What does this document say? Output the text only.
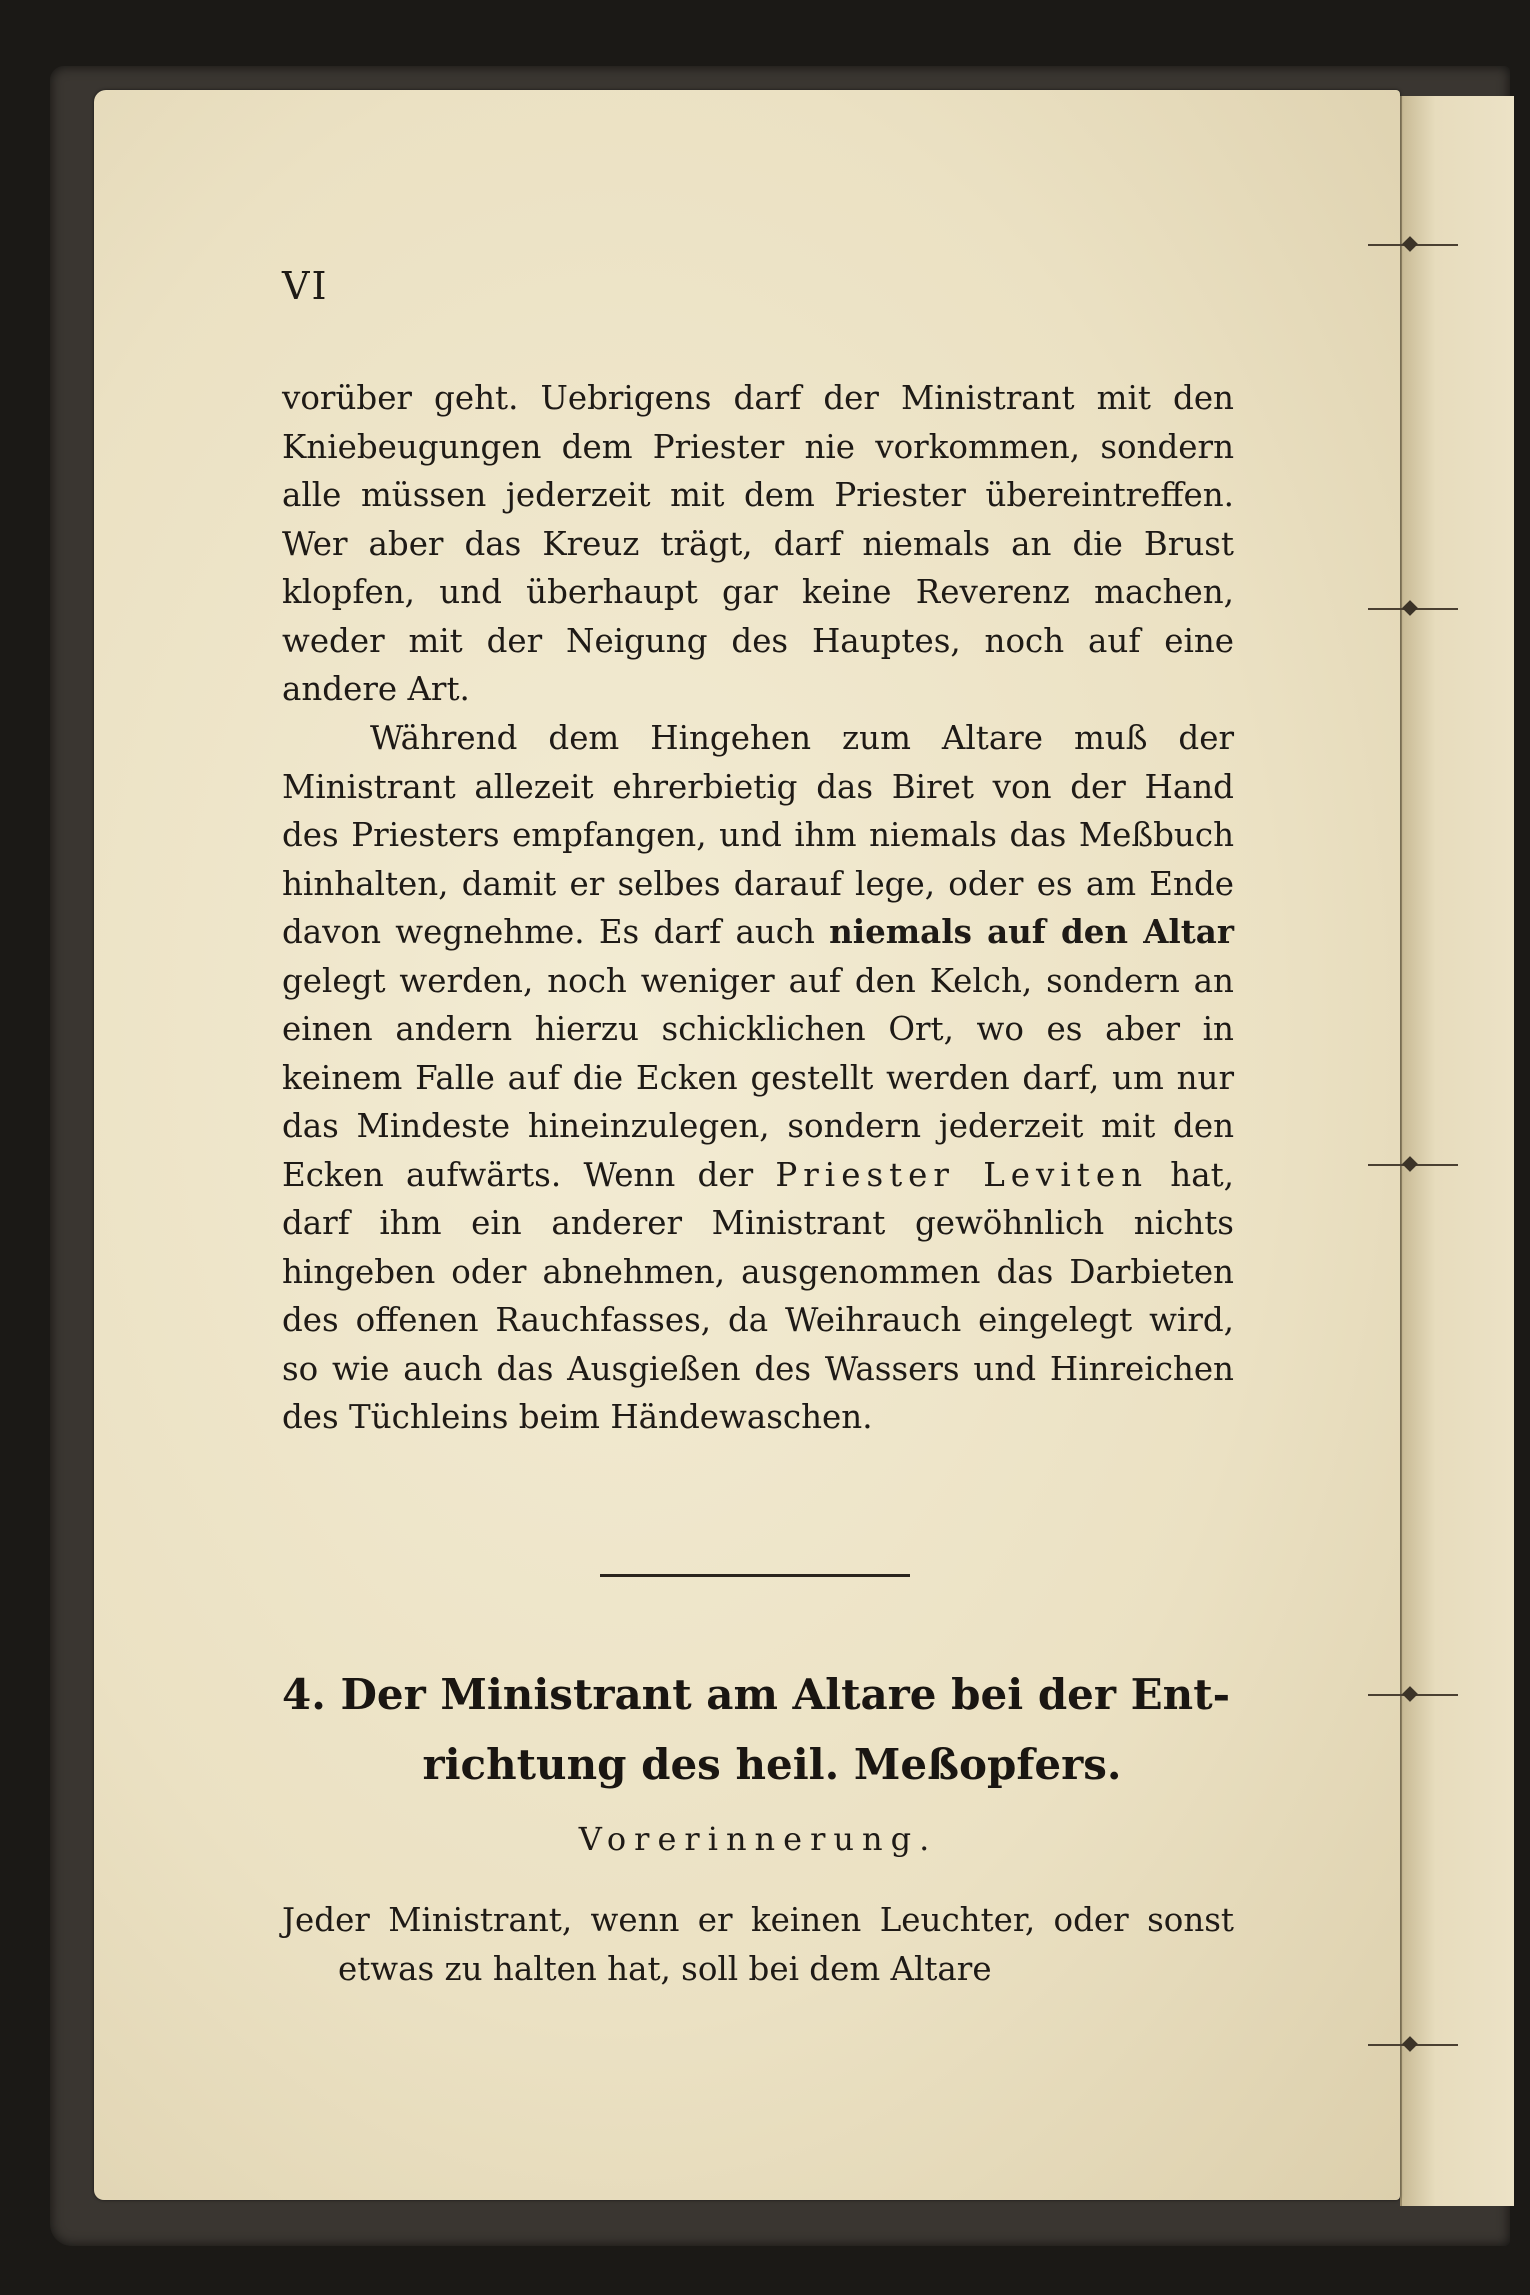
VI

vorüber geht. Uebrigens darf der Ministrant mit den Kniebeugungen dem Priester nie vorkommen, sondern alle müssen jederzeit mit dem Priester übereintreffen. Wer aber das Kreuz trägt, darf niemals an die Brust klopfen, und überhaupt gar keine Reverenz machen, weder mit der Neigung des Hauptes, noch auf eine andere Art.

Während dem Hingehen zum Altare muß der Ministrant allezeit ehrerbietig das Biret von der Hand des Priesters empfangen, und ihm niemals das Meßbuch hinhalten, damit er selbes darauf lege, oder es am Ende davon wegnehme. Es darf auch niemals auf den Altar gelegt werden, noch weniger auf den Kelch, sondern an einen andern hierzu schicklichen Ort, wo es aber in keinem Falle auf die Ecken gestellt werden darf, um nur das Mindeste hineinzulegen, sondern jederzeit mit den Ecken aufwärts. Wenn der Priester Leviten hat, darf ihm ein anderer Ministrant gewöhnlich nichts hingeben oder abnehmen, ausgenommen das Darbieten des offenen Rauchfasses, da Weihrauch eingelegt wird, so wie auch das Ausgießen des Wassers und Hinreichen des Tüchleins beim Händewaschen.

4. Der Ministrant am Altare bei der Ent-
richtung des heil. Meßopfers.

Vorerinnerung.

Jeder Ministrant, wenn er keinen Leuchter, oder sonst etwas zu halten hat, soll bei dem Altare
